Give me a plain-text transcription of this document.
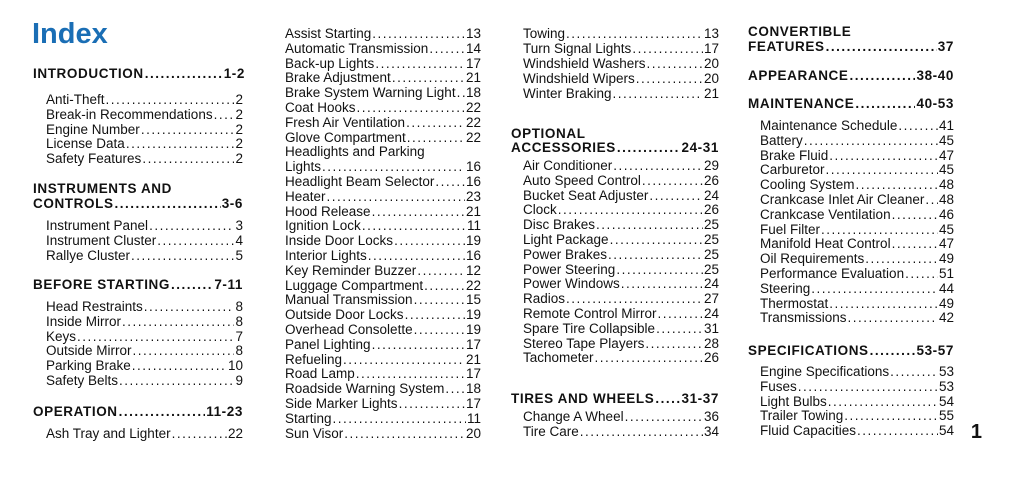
Index
INTRODUCTION .....	1-2
Anti-Theft .....	2
Break-in Recommendations ..... 2
Engine Number .....	2
License Data .....	2
Safety Features .....	2
INSTRUMENTS AND
CONTROLS .....	3-6
Instrument Panel .....	3
Instrument Cluster .....	4
Rallye Cluster .....	5
BEFORE STARTING .....	7-11
Head Restraints .....	8
Inside Mirror .....	8
Keys .....	7
Outside Mirror .....	8
Parking Brake .....	10
Safety Belts .....	9
OPERATION .....	11-23
Ash Tray and Lighter .....	22
Assist Starting .....	13
Automatic Transmission .....	14
Back-up Lights .....	17
Brake Adjustment .....	21
Brake System Warning Light ..... 18
Coat Hooks .....	22
Fresh Air Ventilation .....	22
Glove Compartment .....	22
Headlights and Parking
Lights .....	16
Headlight Beam Selector ..... 16
Heater .....	23
Hood Release .....	21
Ignition Lock .....	11
Inside Door Locks .....	19
Interior Lights .....	16
Key Reminder Buzzer .....	12
Luggage Compartment .....	22
Manual Transmission .....	15
Outside Door Locks .....	19
Overhead Consolette .....	19
Panel Lighting .....	17
Refueling .....	21
Road Lamp .....	17
Roadside Warning System ..... 18
Side Marker Lights .....	17
Starting .....	11
Sun Visor .....	20
Towing .....	13
Turn Signal Lights .....	17
Windshield Washers .....	20
Windshield Wipers .....	20
Winter Braking .....	21
OPTIONAL
ACCESSORIES .....	24-31
Air Conditioner .....	29
Auto Speed Control .....	26
Bucket Seat Adjuster .....	24
Clock .....	26
Disc Brakes .....	25
Light Package .....	25
Power Brakes .....	25
Power Steering .....	25
Power Windows .....	24
Radios .....	27
Remote Control Mirror .....	24
Spare Tire Collapsible .....	31
Stereo Tape Players .....	28
Tachometer .....	26
TIRES AND WHEELS ..... 31-37
Change A Wheel .....	36
Tire Care .....	34
CONVERTIBLE
FEATURES .....	37
APPEARANCE .....	38-40
MAINTENANCE .....	40-53
Maintenance Schedule .....	41
Battery .....	45
Brake Fluid .....	47
Carburetor .....	45
Cooling System .....	48
Crankcase Inlet Air Cleaner ..... 48
Crankcase Ventilation .....	46
Fuel Filter .....	45
Manifold Heat Control .....	47
Oil Requirements .....	49
Performance Evaluation .....	51
Steering .....	44
Thermostat .....	49
Transmissions .....	42
SPECIFICATIONS .....	53-57
Engine Specifications .....	53
Fuses .....	53
Light Bulbs .....	54
Trailer Towing .....	55
Fluid Capacities .....	54 1
